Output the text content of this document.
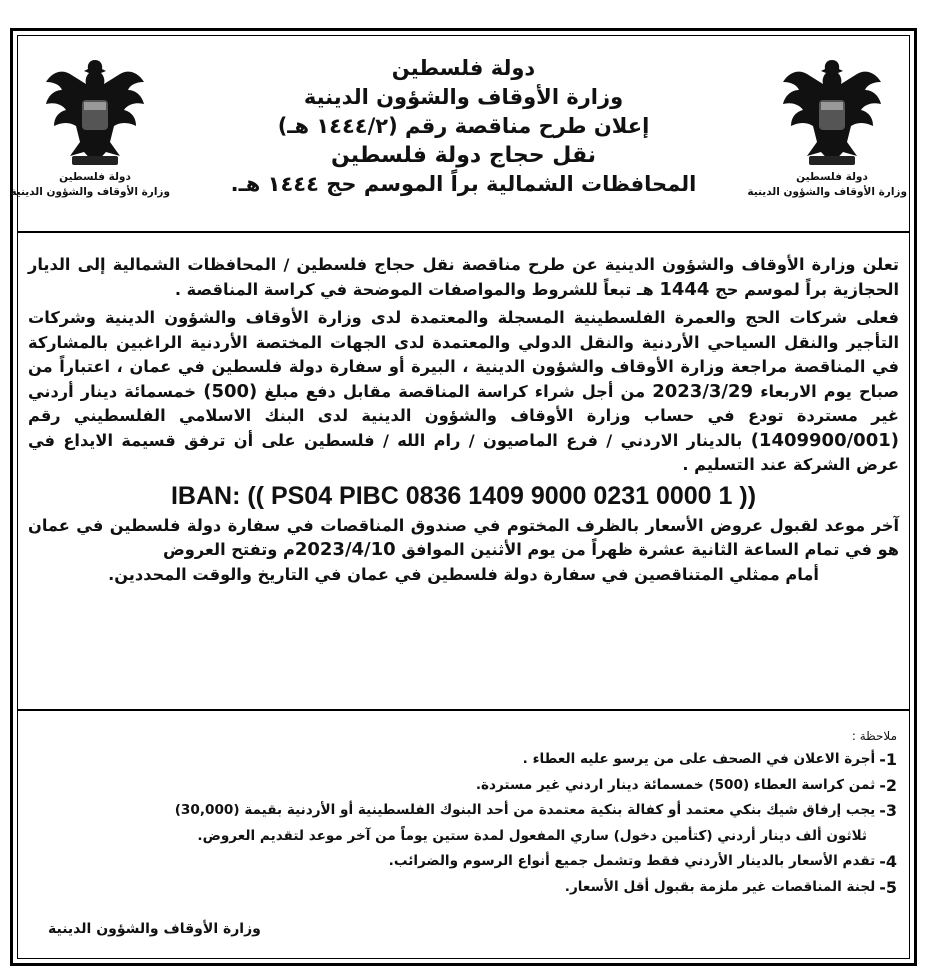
دولة فلسطين
وزارة الأوقاف والشؤون الدينية
دولة فلسطين
وزارة الأوقاف والشؤون الدينية
دولة فلسطين
وزارة الأوقاف والشؤون الدينية
إعلان طرح مناقصة رقم (١٤٤٤/٢ هـ)
نقل حجاج دولة فلسطين
المحافظات الشمالية براً الموسم حج ١٤٤٤ هـ.

تعلن وزارة الأوقاف والشؤون الدينية عن طرح مناقصة نقل حجاج فلسطين / المحافظات الشمالية إلى الديار الحجازية براً لموسم حج 1444 هـ تبعاً للشروط والمواصفات الموضحة في كراسة المناقصة .

فعلى شركات الحج والعمرة الفلسطينية المسجلة والمعتمدة لدى وزارة الأوقاف والشؤون الدينية وشركات التأجير والنقل السياحي الأردنية والنقل الدولي والمعتمدة لدى الجهات المختصة الأردنية الراغبين بالمشاركة في المناقصة مراجعة وزارة الأوقاف والشؤون الدينية ، البيرة أو سفارة دولة فلسطين في عمان ، اعتباراً من صباح يوم الاربعاء 2023/3/29 من أجل شراء كراسة المناقصة مقابل دفع مبلغ (500) خمسمائة دينار أردني غير مستردة تودع في حساب وزارة الأوقاف والشؤون الدينية لدى البنك الاسلامي الفلسطيني رقم (1409900/001) بالدينار الاردني / فرع الماصيون / رام الله / فلسطين على أن ترفق قسيمة الايداع في عرض الشركة عند التسليم .

IBAN: (( PS04 PIBC 0836 1409 9000 0231 0000 1 ))

آخر موعد لقبول عروض الأسعار بالظرف المختوم في صندوق المناقصات في سفارة دولة فلسطين في عمان هو في تمام الساعة الثانية عشرة ظهراً من يوم الأثنين الموافق 2023/4/10م وتفتح العروض

أمام ممثلي المتناقصين في سفارة دولة فلسطين في عمان في التاريخ والوقت المحددين.

ملاحظة :
1-
أجرة الاعلان في الصحف على من يرسو عليه العطاء .
2-
ثمن كراسة العطاء (500) خمسمائة دينار اردني غير مستردة.
3-
يجب إرفاق شيك بنكي معتمد أو كفالة بنكية معتمدة من أحد البنوك الفلسطينية أو الأردنية بقيمة (30,000)
ثلاثون ألف دينار أردني (كتأمين دخول) ساري المفعول لمدة ستين يوماً من آخر موعد لتقديم العروض.
4-
تقدم الأسعار بالدينار الأردني فقط وتشمل جميع أنواع الرسوم والضرائب.
5-
لجنة المناقصات غير ملزمة بقبول أقل الأسعار.
وزارة الأوقاف والشؤون الدينية
